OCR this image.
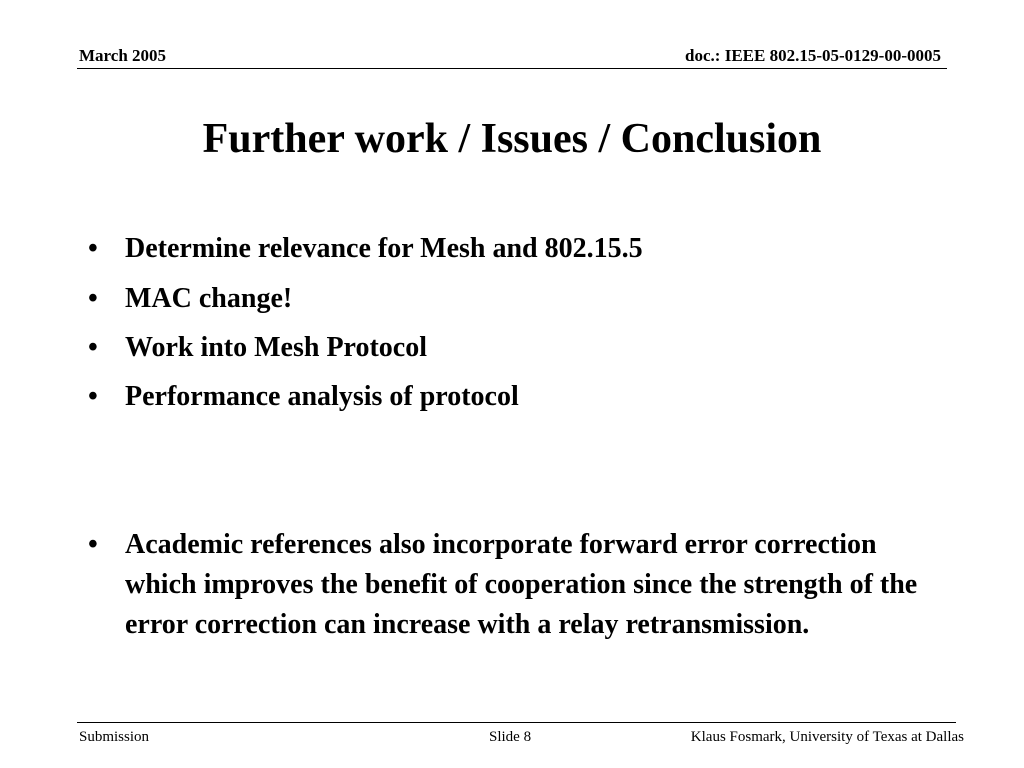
March 2005	doc.: IEEE 802.15-05-0129-00-0005
Further work / Issues / Conclusion
• Determine relevance for Mesh and 802.15.5
• MAC change!
• Work into Mesh Protocol
• Performance analysis of protocol
• Academic references also incorporate forward error correction which improves the benefit of cooperation since the strength of the error correction can increase with a relay retransmission.
Submission	Slide 8	Klaus Fosmark, University of Texas at Dallas
